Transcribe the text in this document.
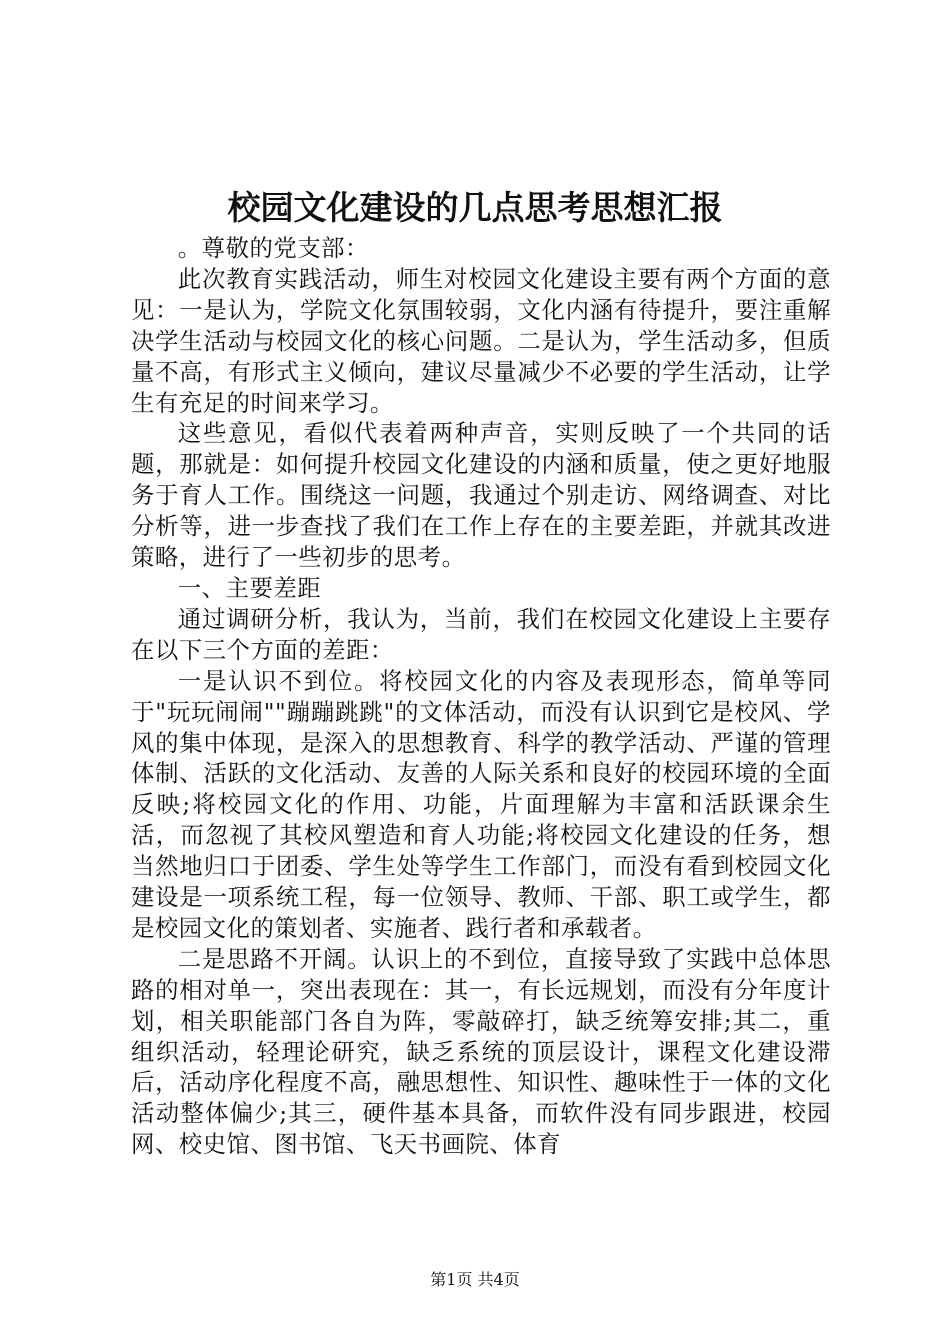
校园文化建设的几点思考思想汇报

。尊敬的党支部：

此次教育实践活动，师生对校园文化建设主要有两个方面的意见：一是认为，学院文化氛围较弱，文化内涵有待提升，要注重解决学生活动与校园文化的核心问题。二是认为，学生活动多，但质量不高，有形式主义倾向，建议尽量减少不必要的学生活动，让学生有充足的时间来学习。

这些意见，看似代表着两种声音，实则反映了一个共同的话题，那就是：如何提升校园文化建设的内涵和质量，使之更好地服务于育人工作。围绕这一问题，我通过个别走访、网络调查、对比分析等，进一步查找了我们在工作上存在的主要差距，并就其改进策略，进行了一些初步的思考。

一、主要差距

通过调研分析，我认为，当前，我们在校园文化建设上主要存在以下三个方面的差距：

一是认识不到位。将校园文化的内容及表现形态，简单等同于"玩玩闹闹""蹦蹦跳跳"的文体活动，而没有认识到它是校风、学风的集中体现，是深入的思想教育、科学的教学活动、严谨的管理体制、活跃的文化活动、友善的人际关系和良好的校园环境的全面反映;将校园文化的作用、功能，片面理解为丰富和活跃课余生活，而忽视了其校风塑造和育人功能;将校园文化建设的任务，想当然地归口于团委、学生处等学生工作部门，而没有看到校园文化建设是一项系统工程，每一位领导、教师、干部、职工或学生，都是校园文化的策划者、实施者、践行者和承载者。

二是思路不开阔。认识上的不到位，直接导致了实践中总体思路的相对单一，突出表现在：其一，有长远规划，而没有分年度计划，相关职能部门各自为阵，零敲碎打，缺乏统筹安排;其二，重组织活动，轻理论研究，缺乏系统的顶层设计，课程文化建设滞后，活动序化程度不高，融思想性、知识性、趣味性于一体的文化活动整体偏少;其三，硬件基本具备，而软件没有同步跟进，校园网、校史馆、图书馆、飞天书画院、体育

第1页 共4页
